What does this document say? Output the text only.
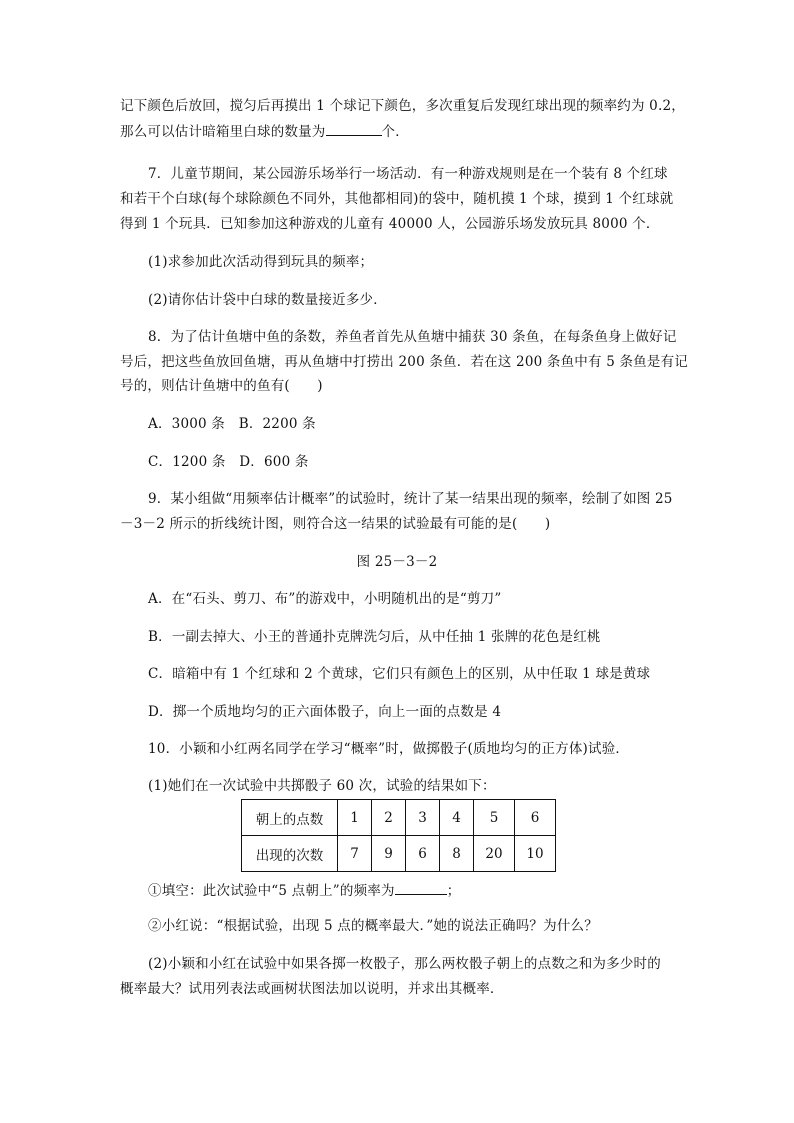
记下颜色后放回，搅匀后再摸出 1 个球记下颜色，多次重复后发现红球出现的频率约为 0.2，
那么可以估计暗箱里白球的数量为	个．
7．儿童节期间，某公园游乐场举行一场活动．有一种游戏规则是在一个装有 8 个红球
和若干个白球(每个球除颜色不同外，其他都相同)的袋中，随机摸 1 个球，摸到 1 个红球就
得到 1 个玩具．已知参加这种游戏的儿童有 40000 人，公园游乐场发放玩具 8000 个．
(1)求参加此次活动得到玩具的频率；
(2)请你估计袋中白球的数量接近多少．
8．为了估计鱼塘中鱼的条数，养鱼者首先从鱼塘中捕获 30 条鱼，在每条鱼身上做好记
号后，把这些鱼放回鱼塘，再从鱼塘中打捞出 200 条鱼．若在这 200 条鱼中有 5 条鱼是有记
号的，则估计鱼塘中的鱼有(　　)
A．3000 条　B．2200 条
C．1200 条　D．600 条
9．某小组做“用频率估计概率”的试验时，统计了某一结果出现的频率，绘制了如图 25
－3－2 所示的折线统计图，则符合这一结果的试验最有可能的是(　　)
图 25－3－2
A．在“石头、剪刀、布”的游戏中，小明随机出的是“剪刀”
B．一副去掉大、小王的普通扑克牌洗匀后，从中任抽 1 张牌的花色是红桃
C．暗箱中有 1 个红球和 2 个黄球，它们只有颜色上的区别，从中任取 1 球是黄球
D．掷一个质地均匀的正六面体骰子，向上一面的点数是 4
10．小颖和小红两名同学在学习“概率”时，做掷骰子(质地均匀的正方体)试验．
(1)她们在一次试验中共掷骰子 60 次，试验的结果如下：
朝上的点数	1	2	3	4	5	6
出现的次数	7	9	6	8	20	10
①填空：此次试验中“5 点朝上”的频率为	；
②小红说：“根据试验，出现 5 点的概率最大．”她的说法正确吗？为什么？
(2)小颖和小红在试验中如果各掷一枚骰子，那么两枚骰子朝上的点数之和为多少时的
概率最大？试用列表法或画树状图法加以说明，并求出其概率．
